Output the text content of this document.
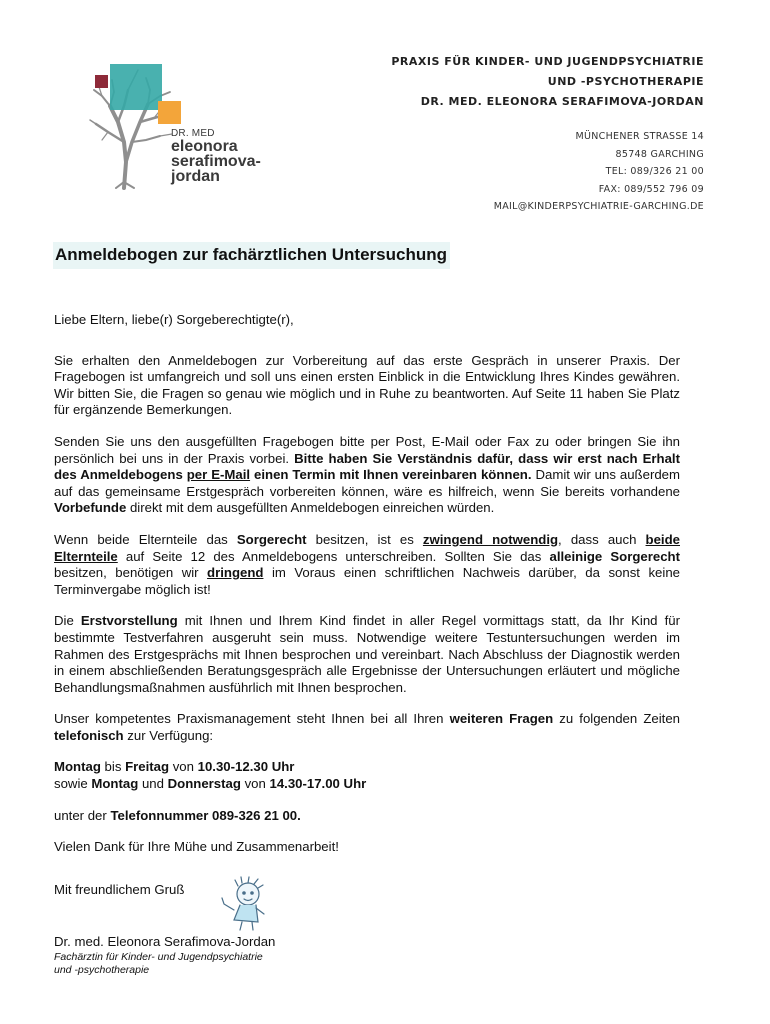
DR. MED
eleonora
serafimova-
jordan
PRAXIS FÜR KINDER- UND JUGENDPSYCHIATRIE
UND -PSYCHOTHERAPIE
DR. MED. ELEONORA SERAFIMOVA-JORDAN
MÜNCHENER STRASSE 14
85748 GARCHING
TEL: 089/326 21 00
FAX: 089/552 796 09
MAIL@KINDERPSYCHIATRIE-GARCHING.DE
Anmeldebogen zur fachärztlichen Untersuchung

Liebe Eltern, liebe(r) Sorgeberechtigte(r),

Sie erhalten den Anmeldebogen zur Vorbereitung auf das erste Gespräch in unserer Praxis. Der Fragebogen ist umfangreich und soll uns einen ersten Einblick in die Entwicklung Ihres Kindes gewähren. Wir bitten Sie, die Fragen so genau wie möglich und in Ruhe zu beantworten. Auf Seite 11 haben Sie Platz für ergänzende Bemerkungen.

Senden Sie uns den ausgefüllten Fragebogen bitte per Post, E-Mail oder Fax zu oder bringen Sie ihn persönlich bei uns in der Praxis vorbei. Bitte haben Sie Verständnis dafür, dass wir erst nach Erhalt des Anmeldebogens per E-Mail einen Termin mit Ihnen vereinbaren können. Damit wir uns außerdem auf das gemeinsame Erstgespräch vorbereiten können, wäre es hilfreich, wenn Sie bereits vorhandene Vorbefunde direkt mit dem ausgefüllten Anmeldebogen einreichen würden.

Wenn beide Elternteile das Sorgerecht besitzen, ist es zwingend notwendig, dass auch beide Elternteile auf Seite 12 des Anmeldebogens unterschreiben. Sollten Sie das alleinige Sorgerecht besitzen, benötigen wir dringend im Voraus einen schriftlichen Nachweis darüber, da sonst keine Terminvergabe möglich ist!

Die Erstvorstellung mit Ihnen und Ihrem Kind findet in aller Regel vormittags statt, da Ihr Kind für bestimmte Testverfahren ausgeruht sein muss. Notwendige weitere Testuntersuchungen werden im Rahmen des Erstgesprächs mit Ihnen besprochen und vereinbart. Nach Abschluss der Diagnostik werden in einem abschließenden Beratungsgespräch alle Ergebnisse der Untersuchungen erläutert und mögliche Behandlungsmaßnahmen ausführlich mit Ihnen besprochen.

Unser kompetentes Praxismanagement steht Ihnen bei all Ihren weiteren Fragen zu folgenden Zeiten telefonisch zur Verfügung:

Montag bis Freitag von 10.30-12.30 Uhr
sowie Montag und Donnerstag von 14.30-17.00 Uhr

unter der Telefonnummer 089-326 21 00.

Vielen Dank für Ihre Mühe und Zusammenarbeit!

Mit freundlichem Gruß
Dr. med. Eleonora Serafimova-Jordan
Fachärztin für Kinder- und Jugendpsychiatrie
und -psychotherapie
